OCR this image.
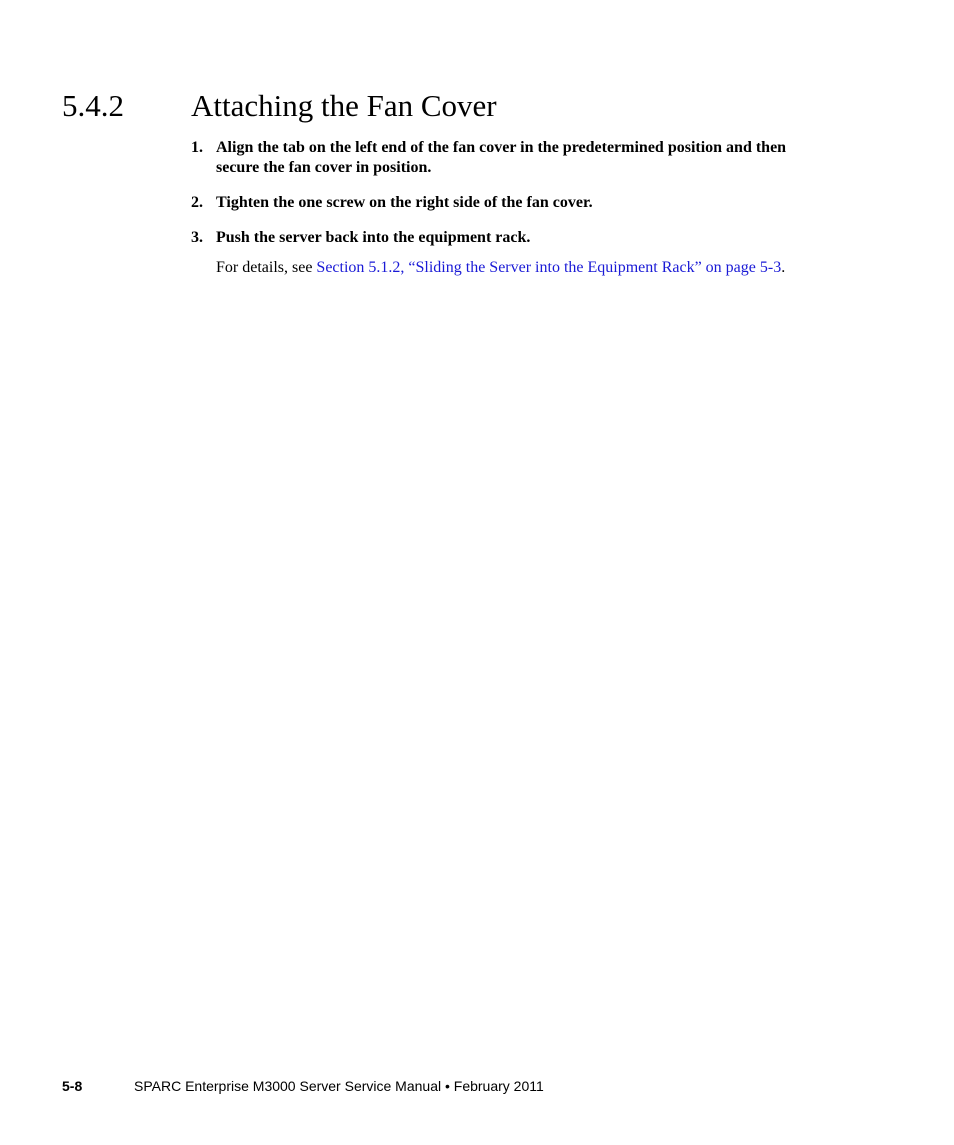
5.4.2 Attaching the Fan Cover
1. Align the tab on the left end of the fan cover in the predetermined position and then secure the fan cover in position.
2. Tighten the one screw on the right side of the fan cover.
3. Push the server back into the equipment rack.
For details, see Section 5.1.2, “Sliding the Server into the Equipment Rack” on page 5-3.
5-8	SPARC Enterprise M3000 Server Service Manual • February 2011
